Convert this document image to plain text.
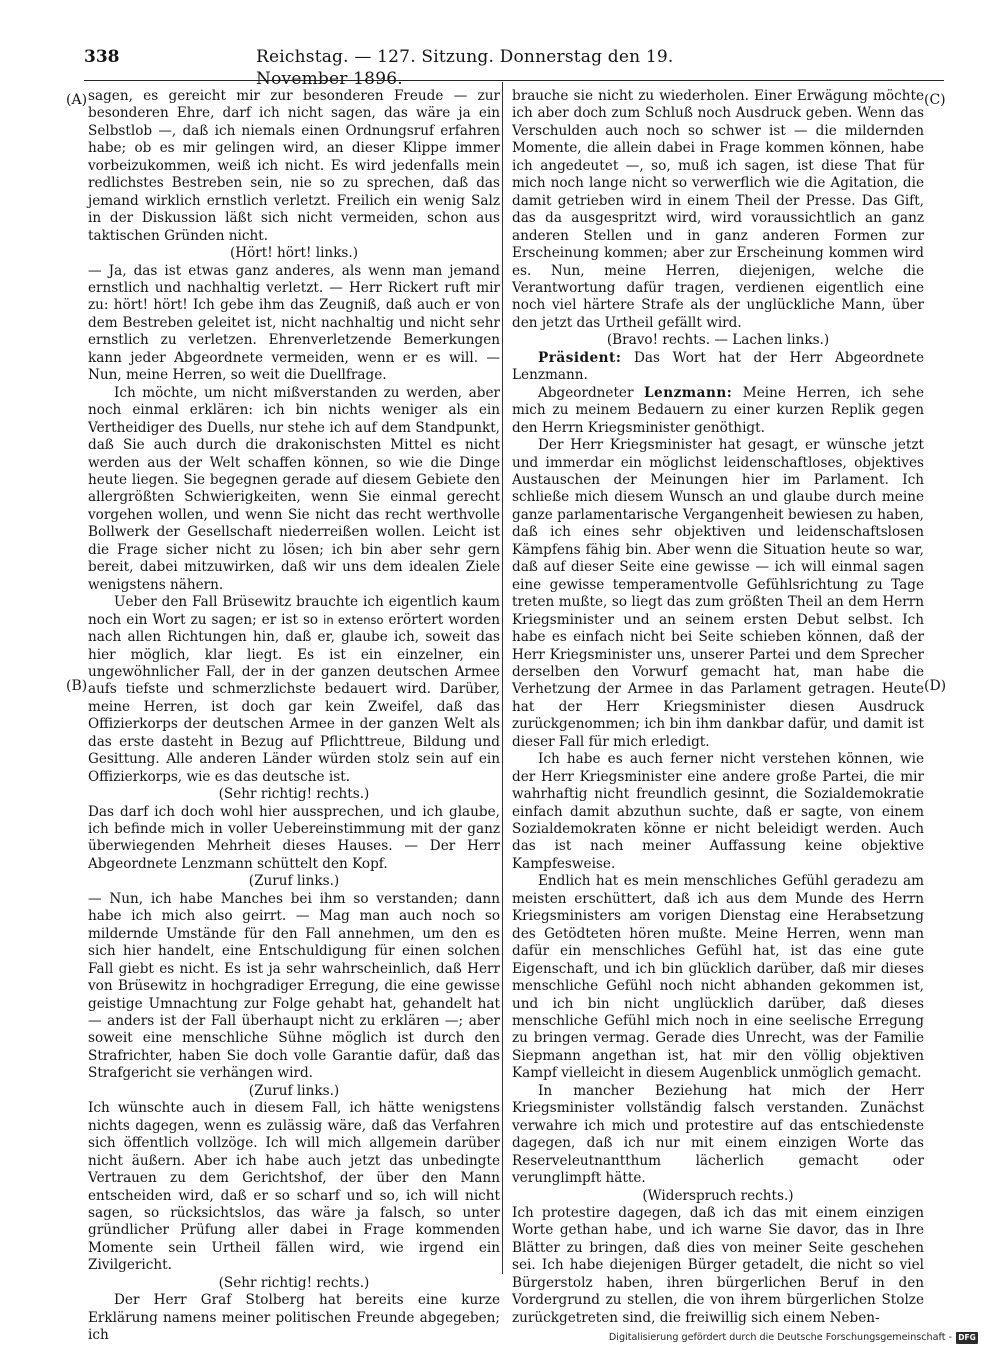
338	Reichstag. — 127. Sitzung. Donnerstag den 19. November 1896.
(A)
(B)
(C)
(D)

sagen, es gereicht mir zur besonderen Freude — zur besonderen Ehre, darf ich nicht sagen, das wäre ja ein Selbstlob —, daß ich niemals einen Ordnungsruf erfahren habe; ob es mir gelingen wird, an dieser Klippe immer vorbeizukommen, weiß ich nicht. Es wird jedenfalls mein redlichstes Bestreben sein, nie so zu sprechen, daß das jemand wirklich ernstlich verletzt. Freilich ein wenig Salz in der Diskussion läßt sich nicht vermeiden, schon aus taktischen Gründen nicht.

(Hört! hört! links.)

— Ja, das ist etwas ganz anderes, als wenn man jemand ernstlich und nachhaltig verletzt. — Herr Rickert ruft mir zu: hört! hört! Ich gebe ihm das Zeugniß, daß auch er von dem Bestreben geleitet ist, nicht nachhaltig und nicht sehr ernstlich zu verletzen. Ehrenverletzende Bemerkungen kann jeder Abgeordnete vermeiden, wenn er es will. — Nun, meine Herren, so weit die Duellfrage.

Ich möchte, um nicht mißverstanden zu werden, aber noch einmal erklären: ich bin nichts weniger als ein Vertheidiger des Duells, nur stehe ich auf dem Standpunkt, daß Sie auch durch die drakonischsten Mittel es nicht werden aus der Welt schaffen können, so wie die Dinge heute liegen. Sie begegnen gerade auf diesem Gebiete den allergrößten Schwierigkeiten, wenn Sie einmal gerecht vorgehen wollen, und wenn Sie nicht das recht werthvolle Bollwerk der Gesellschaft niederreißen wollen. Leicht ist die Frage sicher nicht zu lösen; ich bin aber sehr gern bereit, dabei mitzuwirken, daß wir uns dem idealen Ziele wenigstens nähern.

Ueber den Fall Brüsewitz brauchte ich eigentlich kaum noch ein Wort zu sagen; er ist so in extenso erörtert worden nach allen Richtungen hin, daß er, glaube ich, soweit das hier möglich, klar liegt. Es ist ein einzelner, ein ungewöhnlicher Fall, der in der ganzen deutschen Armee aufs tiefste und schmerzlichste bedauert wird. Darüber, meine Herren, ist doch gar kein Zweifel, daß das Offizierkorps der deutschen Armee in der ganzen Welt als das erste dasteht in Bezug auf Pflichttreue, Bildung und Gesittung. Alle anderen Länder würden stolz sein auf ein Offizierkorps, wie es das deutsche ist.

(Sehr richtig! rechts.)

Das darf ich doch wohl hier aussprechen, und ich glaube, ich befinde mich in voller Uebereinstimmung mit der ganz überwiegenden Mehrheit dieses Hauses. — Der Herr Abgeordnete Lenzmann schüttelt den Kopf.

(Zuruf links.)

— Nun, ich habe Manches bei ihm so verstanden; dann habe ich mich also geirrt. — Mag man auch noch so mildernde Umstände für den Fall annehmen, um den es sich hier handelt, eine Entschuldigung für einen solchen Fall giebt es nicht. Es ist ja sehr wahrscheinlich, daß Herr von Brüsewitz in hochgradiger Erregung, die eine gewisse geistige Umnachtung zur Folge gehabt hat, gehandelt hat — anders ist der Fall überhaupt nicht zu erklären —; aber soweit eine menschliche Sühne möglich ist durch den Strafrichter, haben Sie doch volle Garantie dafür, daß das Strafgericht sie verhängen wird.

(Zuruf links.)

Ich wünschte auch in diesem Fall, ich hätte wenigstens nichts dagegen, wenn es zulässig wäre, daß das Verfahren sich öffentlich vollzöge. Ich will mich allgemein darüber nicht äußern. Aber ich habe auch jetzt das unbedingte Vertrauen zu dem Gerichtshof, der über den Mann entscheiden wird, daß er so scharf und so, ich will nicht sagen, so rücksichtslos, das wäre ja falsch, so unter gründlicher Prüfung aller dabei in Frage kommenden Momente sein Urtheil fällen wird, wie irgend ein Zivilgericht.

(Sehr richtig! rechts.)

Der Herr Graf Stolberg hat bereits eine kurze Erklärung namens meiner politischen Freunde abgegeben; ich

brauche sie nicht zu wiederholen. Einer Erwägung möchte ich aber doch zum Schluß noch Ausdruck geben. Wenn das Verschulden auch noch so schwer ist — die mildernden Momente, die allein dabei in Frage kommen können, habe ich angedeutet —, so, muß ich sagen, ist diese That für mich noch lange nicht so verwerflich wie die Agitation, die damit getrieben wird in einem Theil der Presse. Das Gift, das da ausgespritzt wird, wird voraussichtlich an ganz anderen Stellen und in ganz anderen Formen zur Erscheinung kommen; aber zur Erscheinung kommen wird es. Nun, meine Herren, diejenigen, welche die Verantwortung dafür tragen, verdienen eigentlich eine noch viel härtere Strafe als der unglückliche Mann, über den jetzt das Urtheil gefällt wird.

(Bravo! rechts. — Lachen links.)

Präsident: Das Wort hat der Herr Abgeordnete Lenzmann.

Abgeordneter Lenzmann: Meine Herren, ich sehe mich zu meinem Bedauern zu einer kurzen Replik gegen den Herrn Kriegsminister genöthigt.

Der Herr Kriegsminister hat gesagt, er wünsche jetzt und immerdar ein möglichst leidenschaftloses, objektives Austauschen der Meinungen hier im Parlament. Ich schließe mich diesem Wunsch an und glaube durch meine ganze parlamentarische Vergangenheit bewiesen zu haben, daß ich eines sehr objektiven und leidenschaftslosen Kämpfens fähig bin. Aber wenn die Situation heute so war, daß auf dieser Seite eine gewisse — ich will einmal sagen eine gewisse temperamentvolle Gefühlsrichtung zu Tage treten mußte, so liegt das zum größten Theil an dem Herrn Kriegsminister und an seinem ersten Debut selbst. Ich habe es einfach nicht bei Seite schieben können, daß der Herr Kriegsminister uns, unserer Partei und dem Sprecher derselben den Vorwurf gemacht hat, man habe die Verhetzung der Armee in das Parlament getragen. Heute hat der Herr Kriegsminister diesen Ausdruck zurückgenommen; ich bin ihm dankbar dafür, und damit ist dieser Fall für mich erledigt.

Ich habe es auch ferner nicht verstehen können, wie der Herr Kriegsminister eine andere große Partei, die mir wahrhaftig nicht freundlich gesinnt, die Sozialdemokratie einfach damit abzuthun suchte, daß er sagte, von einem Sozialdemokraten könne er nicht beleidigt werden. Auch das ist nach meiner Auffassung keine objektive Kampfesweise.

Endlich hat es mein menschliches Gefühl geradezu am meisten erschüttert, daß ich aus dem Munde des Herrn Kriegsministers am vorigen Dienstag eine Herabsetzung des Getödteten hören mußte. Meine Herren, wenn man dafür ein menschliches Gefühl hat, ist das eine gute Eigenschaft, und ich bin glücklich darüber, daß mir dieses menschliche Gefühl noch nicht abhanden gekommen ist, und ich bin nicht unglücklich darüber, daß dieses menschliche Gefühl mich noch in eine seelische Erregung zu bringen vermag. Gerade dies Unrecht, was der Familie Siepmann angethan ist, hat mir den völlig objektiven Kampf vielleicht in diesem Augenblick unmöglich gemacht.

In mancher Beziehung hat mich der Herr Kriegsminister vollständig falsch verstanden. Zunächst verwahre ich mich und protestire auf das entschiedenste dagegen, daß ich nur mit einem einzigen Worte das Reserveleutnantthum lächerlich gemacht oder verunglimpft hätte.

(Widerspruch rechts.)

Ich protestire dagegen, daß ich das mit einem einzigen Worte gethan habe, und ich warne Sie davor, das in Ihre Blätter zu bringen, daß dies von meiner Seite geschehen sei. Ich habe diejenigen Bürger getadelt, die nicht so viel Bürgerstolz haben, ihren bürgerlichen Beruf in den Vordergrund zu stellen, die von ihrem bürgerlichen Stolze zurückgetreten sind, die freiwillig sich einem Neben-

Digitalisierung gefördert durch die Deutsche Forschungsgemeinschaft - DFG
